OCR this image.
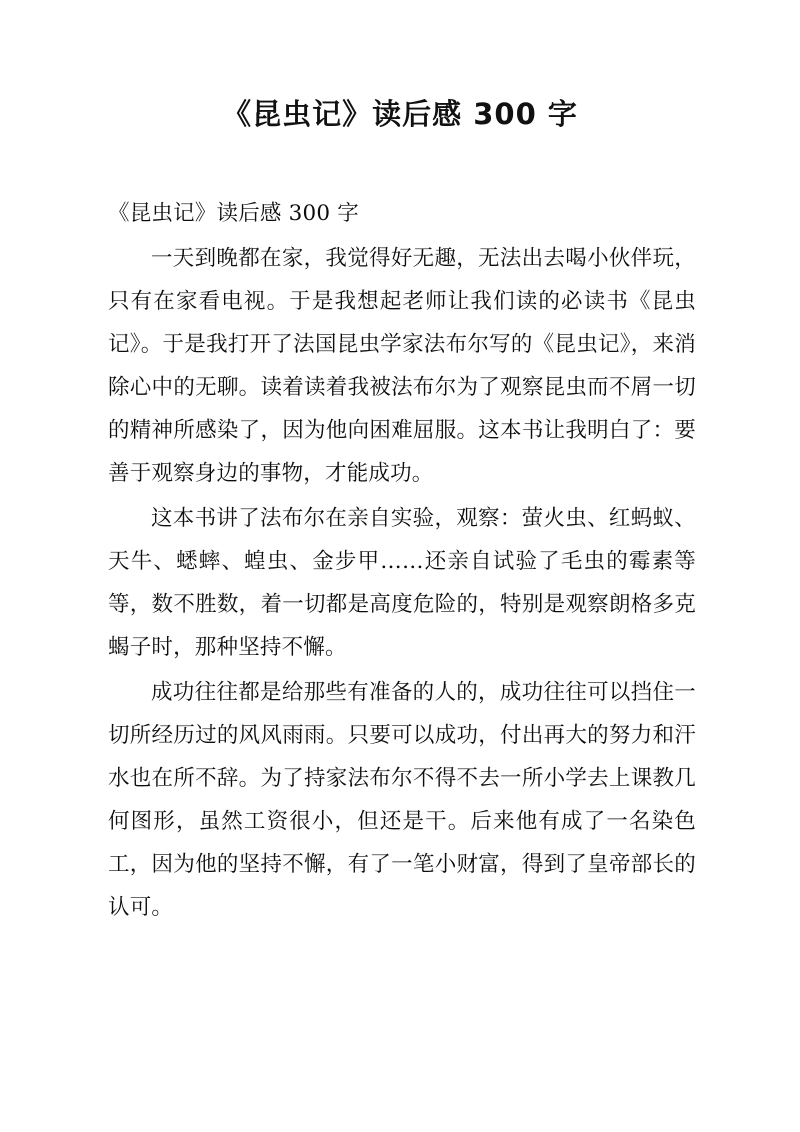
《昆虫记》读后感 300 字

《昆虫记》读后感 300 字

一天到晚都在家，我觉得好无趣，无法出去喝小伙伴玩，只有在家看电视。于是我想起老师让我们读的必读书《昆虫记》。于是我打开了法国昆虫学家法布尔写的《昆虫记》，来消除心中的无聊。读着读着我被法布尔为了观察昆虫而不屑一切的精神所感染了，因为他向困难屈服。这本书让我明白了：要善于观察身边的事物，才能成功。

这本书讲了法布尔在亲自实验，观察：萤火虫、红蚂蚁、天牛、蟋蟀、蝗虫、金步甲……还亲自试验了毛虫的霉素等等，数不胜数，着一切都是高度危险的，特别是观察朗格多克蝎子时，那种坚持不懈。

成功往往都是给那些有准备的人的，成功往往可以挡住一切所经历过的风风雨雨。只要可以成功，付出再大的努力和汗水也在所不辞。为了持家法布尔不得不去一所小学去上课教几何图形，虽然工资很小，但还是干。后来他有成了一名染色工，因为他的坚持不懈，有了一笔小财富，得到了皇帝部长的认可。
